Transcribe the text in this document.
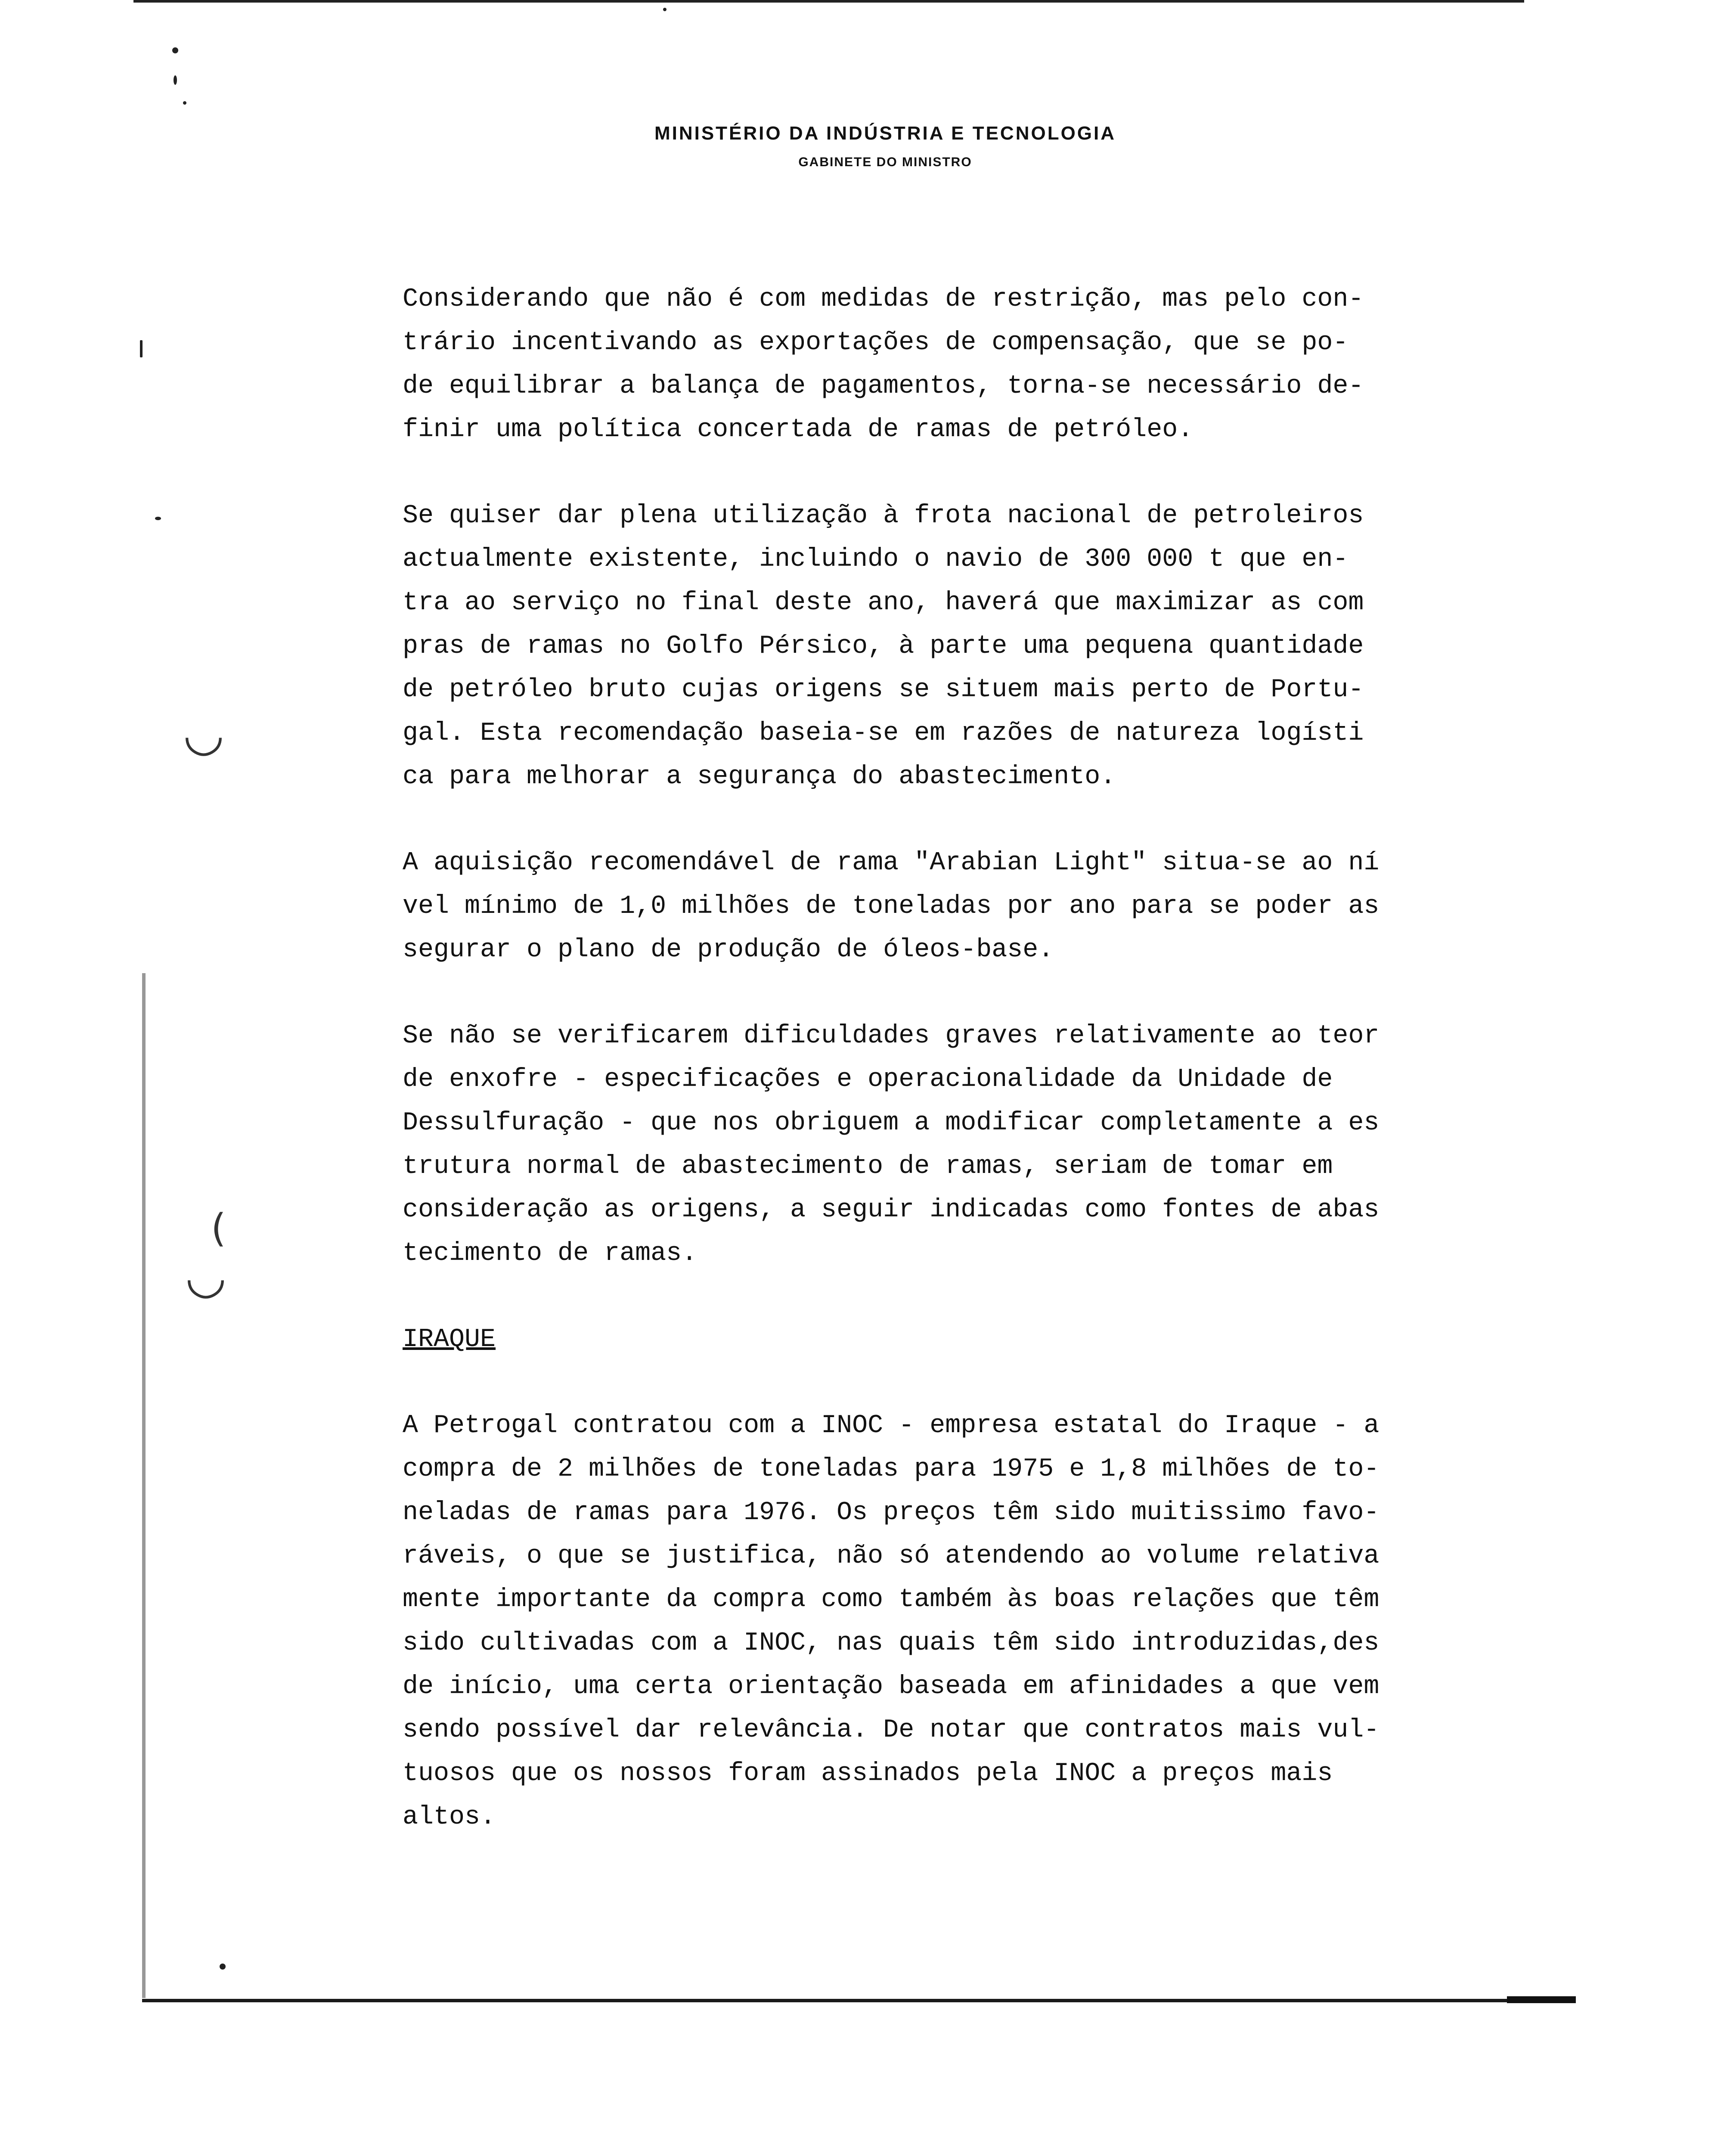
◡
◡
(
MINISTÉRIO DA INDÚSTRIA E TECNOLOGIA
GABINETE DO MINISTRO

Considerando que não é com medidas de restrição, mas pelo con-
trário incentivando as exportações de compensação, que se po-
de equilibrar a balança de pagamentos, torna-se necessário de-
finir uma política concertada de ramas de petróleo.

Se quiser dar plena utilização à frota nacional de petroleiros
actualmente existente, incluindo o navio de 300 000 t que en-
tra ao serviço no final deste ano, haverá que maximizar as com
pras de ramas no Golfo Pérsico, à parte uma pequena quantidade
de petróleo bruto cujas origens se situem mais perto de Portu-
gal. Esta recomendação baseia-se em razões de natureza logísti
ca para melhorar a segurança do abastecimento.

A aquisição recomendável de rama "Arabian Light" situa-se ao ní
vel mínimo de 1,0 milhões de toneladas por ano para se poder as
segurar o plano de produção de óleos-base.

Se não se verificarem dificuldades graves relativamente ao teor
de enxofre - especificações e operacionalidade da Unidade de
Dessulfuração - que nos obriguem a modificar completamente a es
trutura normal de abastecimento de ramas, seriam de tomar em
consideração as origens, a seguir indicadas como fontes de abas
tecimento de ramas.

IRAQUE

A Petrogal contratou com a INOC - empresa estatal do Iraque - a
compra de 2 milhões de toneladas para 1975 e 1,8 milhões de to-
neladas de ramas para 1976. Os preços têm sido muitissimo favo-
ráveis, o que se justifica, não só atendendo ao volume relativa
mente importante da compra como também às boas relações que têm
sido cultivadas com a INOC, nas quais têm sido introduzidas,des
de início, uma certa orientação baseada em afinidades a que vem
sendo possível dar relevância. De notar que contratos mais vul-
tuosos que os nossos foram assinados pela INOC a preços mais
altos.
